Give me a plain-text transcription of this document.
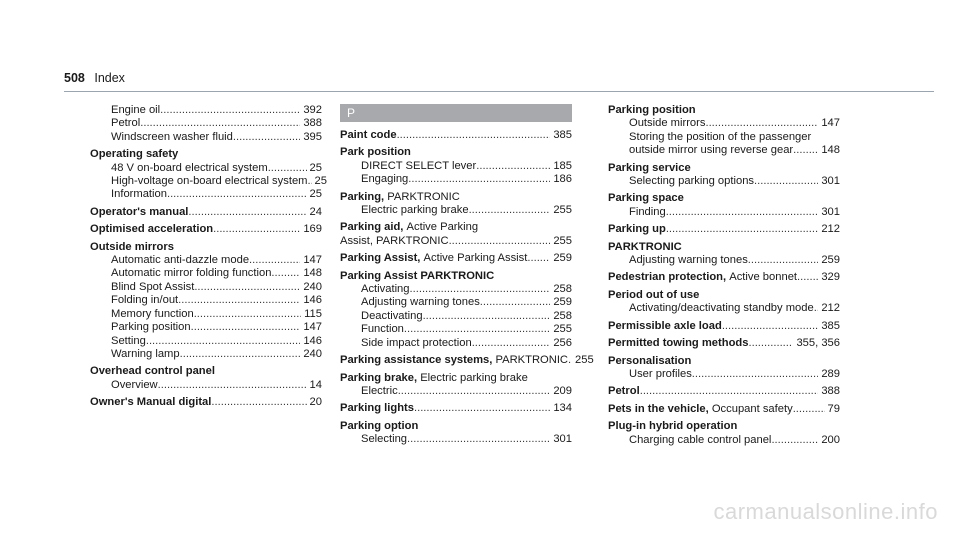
508 Index
Engine oil .....	392
Petrol .....	388
Windscreen washer fluid .....	395
Operating safety
48 V on-board electrical system .....	25
High-voltage on-board electrical system ..... 25
Information .....	25
Operator's manual .....	24
Optimised acceleration .....	169
Outside mirrors
Automatic anti-dazzle mode .....	147
Automatic mirror folding function .....	148
Blind Spot Assist .....	240
Folding in/out .....	146
Memory function .....	115
Parking position .....	147
Setting .....	146
Warning lamp .....	240
Overhead control panel
Overview .....	14
Owner's Manual digital .....	20
P
Paint code .....	385
Park position
DIRECT SELECT lever .....	185
Engaging .....	186
Parking,
PARKTRONIC
Electric parking brake .....	255
Parking aid,
Active Parking
Assist, PARKTRONIC .....	255
Parking Assist,
Active Parking Assist ..... 259
Parking Assist PARKTRONIC
Activating .....	258
Adjusting warning tones .....	259
Deactivating .....	258
Function .....	255
Side impact protection .....	256
Parking assistance systems,
PARKTRONIC ..... 255
Parking brake,
Electric parking brake
Electric .....	209
Parking lights .....	134
Parking option
Selecting .....	301
Parking position
Outside mirrors .....	147
Storing the position of the passenger
outside mirror using reverse gear .....	148
Parking service
Selecting parking options .....	301
Parking space
Finding .....	301
Parking up .....	212
PARKTRONIC
Adjusting warning tones .....	259
Pedestrian protection,
Active bonnet ..... 329
Period out of use
Activating/deactivating standby mode ..... 212
Permissible axle load .....	385
Permitted towing methods .....	355, 356
Personalisation
User profiles .....	289
Petrol .....	388
Pets in the vehicle,
Occupant safety .....	79
Plug-in hybrid operation
Charging cable control panel .....	200
carmanualsonline.info
